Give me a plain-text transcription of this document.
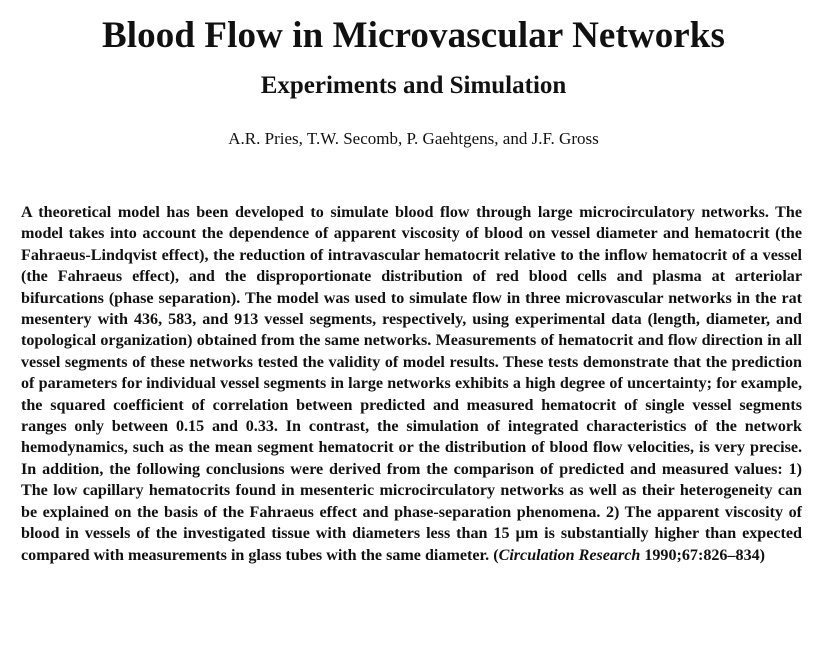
Blood Flow in Microvascular Networks
Experiments and Simulation

A.R. Pries, T.W. Secomb, P. Gaehtgens, and J.F. Gross

A theoretical model has been developed to simulate blood flow through large microcirculatory networks. The model takes into account the dependence of apparent viscosity of blood on vessel diameter and hematocrit (the Fahraeus-Lindqvist effect), the reduction of intravascular hematocrit relative to the inflow hematocrit of a vessel (the Fahraeus effect), and the disproportionate distribution of red blood cells and plasma at arteriolar bifurcations (phase separation). The model was used to simulate flow in three microvascular networks in the rat mesentery with 436, 583, and 913 vessel segments, respectively, using experimental data (length, diameter, and topological organization) obtained from the same networks. Measurements of hematocrit and flow direction in all vessel segments of these networks tested the validity of model results. These tests demonstrate that the prediction of parameters for individual vessel segments in large networks exhibits a high degree of uncertainty; for example, the squared coefficient of correlation between predicted and measured hematocrit of single vessel segments ranges only between 0.15 and 0.33. In contrast, the simulation of integrated characteristics of the network hemodynamics, such as the mean segment hematocrit or the distribution of blood flow velocities, is very precise. In addition, the following conclusions were derived from the comparison of predicted and measured values: 1) The low capillary hematocrits found in mesenteric microcirculatory networks as well as their heterogeneity can be explained on the basis of the Fahraeus effect and phase-separation phenomena. 2) The apparent viscosity of blood in vessels of the investigated tissue with diameters less than 15 µm is substantially higher than expected compared with measurements in glass tubes with the same diameter. (Circulation Research 1990;67:826–834)
